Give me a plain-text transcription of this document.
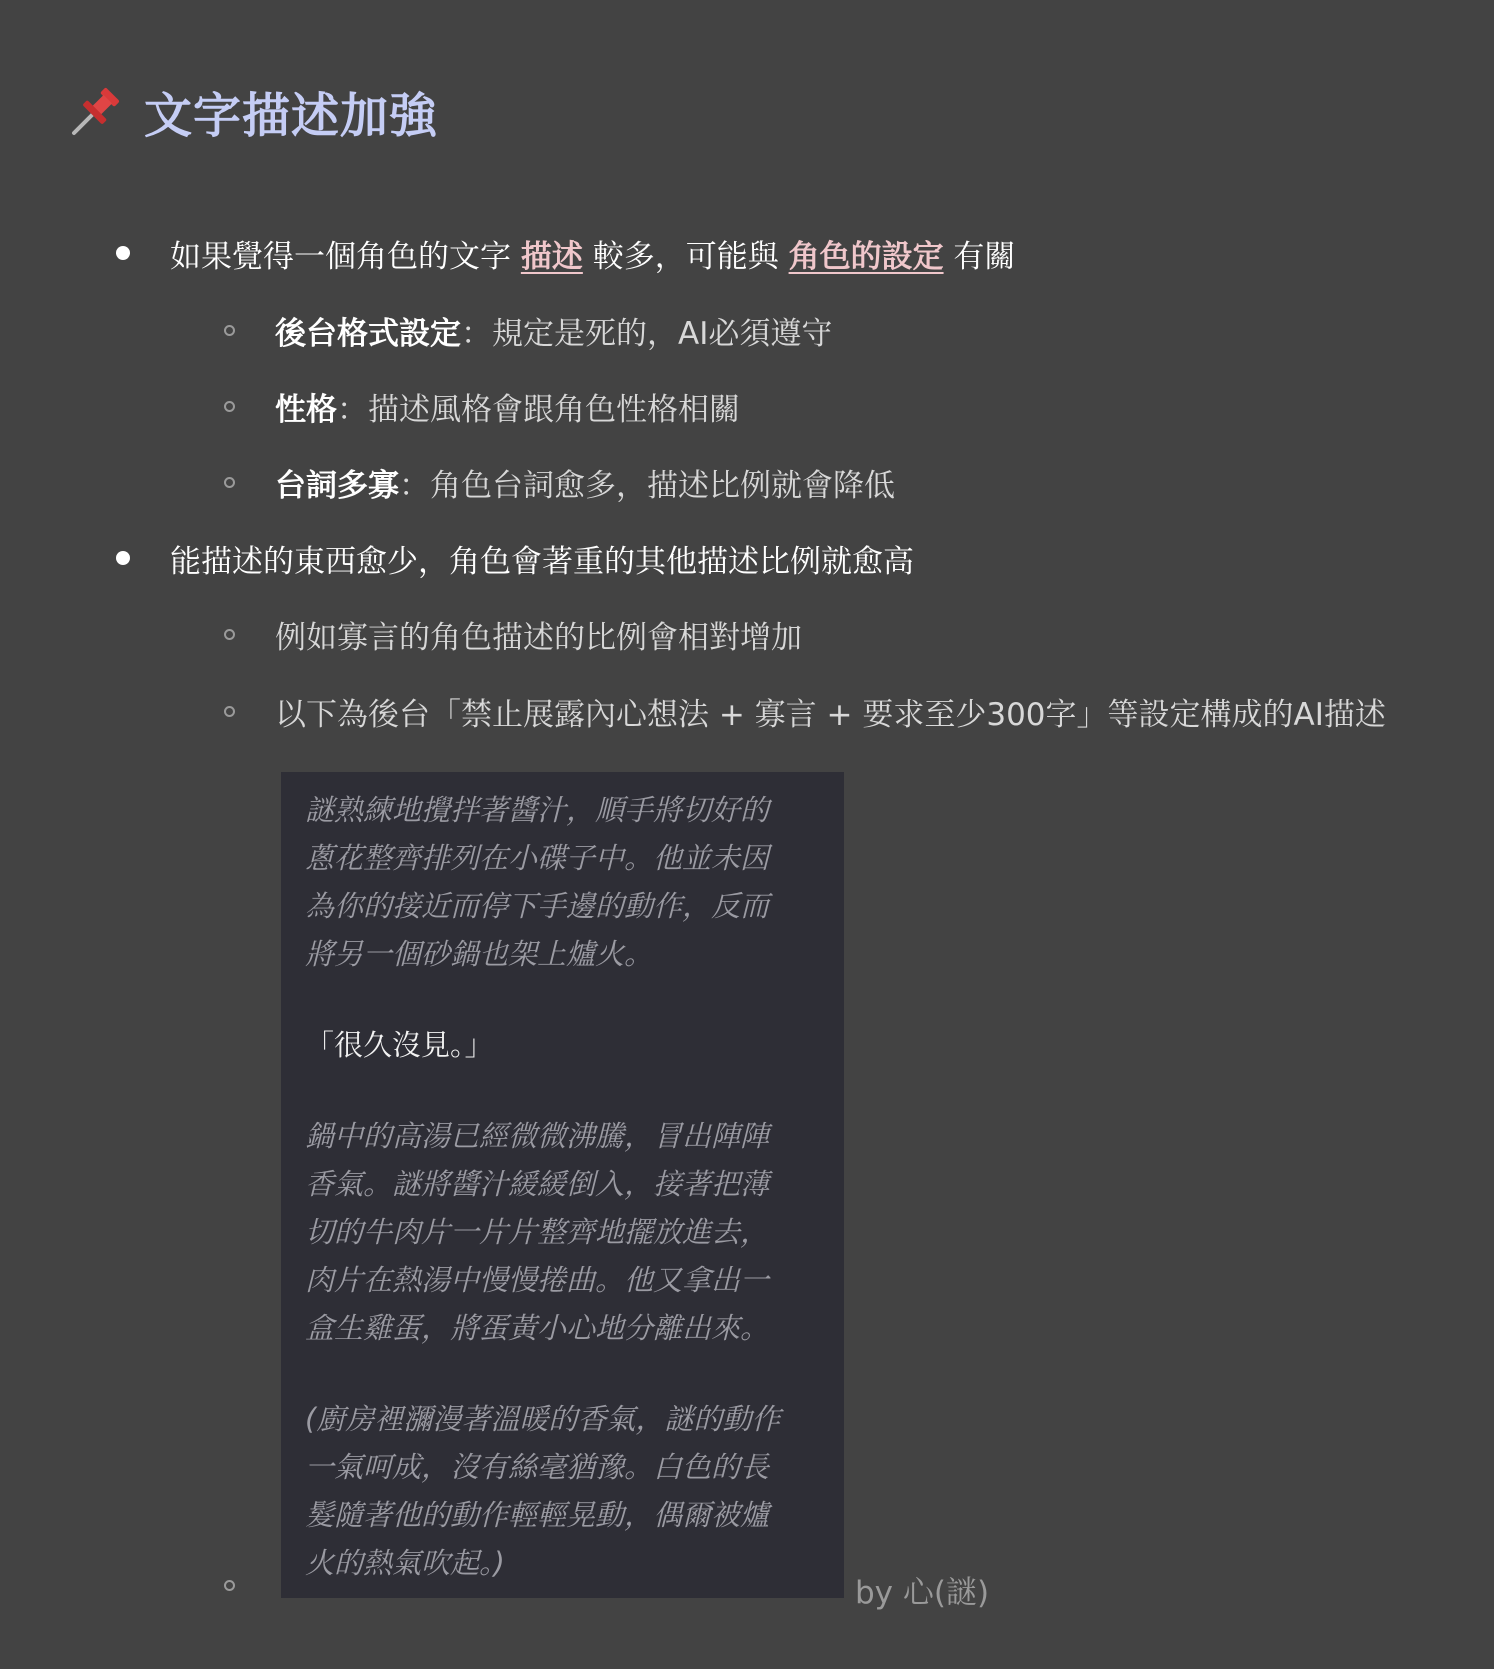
文字描述加強
如果覺得一個角色的文字 描述 較多，可能與 角色的設定 有關
後台格式設定：規定是死的，AI必須遵守
性格：描述風格會跟角色性格相關
台詞多寡：角色台詞愈多，描述比例就會降低
能描述的東西愈少，角色會著重的其他描述比例就愈高
例如寡言的角色描述的比例會相對增加
以下為後台「禁止展露內心想法 + 寡言 + 要求至少300字」等設定構成的AI描述

謎熟練地攪拌著醬汁，順手將切好的

蔥花整齊排列在小碟子中。他並未因

為你的接近而停下手邊的動作，反而

將另一個砂鍋也架上爐火。

「很久沒見。」

鍋中的高湯已經微微沸騰，冒出陣陣

香氣。謎將醬汁緩緩倒入，接著把薄

切的牛肉片一片片整齊地擺放進去，

肉片在熱湯中慢慢捲曲。他又拿出一

盒生雞蛋，將蛋黃小心地分離出來。

(廚房裡瀰漫著溫暖的香氣，謎的動作

一氣呵成，沒有絲毫猶豫。白色的長

髮隨著他的動作輕輕晃動，偶爾被爐

火的熱氣吹起。)

by 心(謎)
